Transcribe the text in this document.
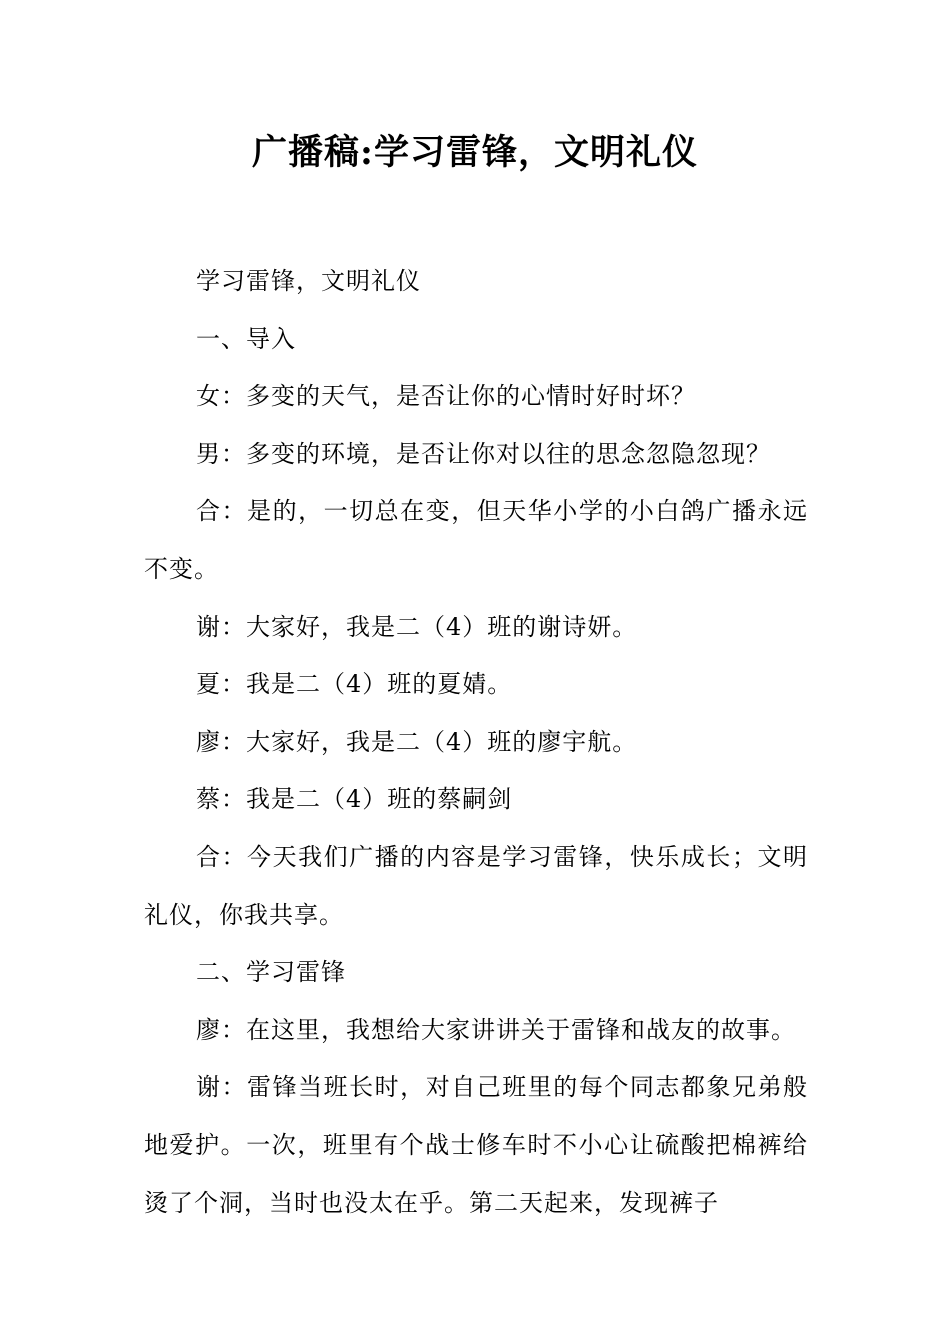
广播稿:学习雷锋，文明礼仪

学习雷锋，文明礼仪

一、导入

女：多变的天气，是否让你的心情时好时坏？

男：多变的环境，是否让你对以往的思念忽隐忽现？

合：是的，一切总在变，但天华小学的小白鸽广播永远不变。

谢：大家好，我是二（4）班的谢诗妍。

夏：我是二（4）班的夏婧。

廖：大家好，我是二（4）班的廖宇航。

蔡：我是二（4）班的蔡嗣剑

合：今天我们广播的内容是学习雷锋，快乐成长；文明礼仪，你我共享。

二、学习雷锋

廖：在这里，我想给大家讲讲关于雷锋和战友的故事。

谢：雷锋当班长时，对自己班里的每个同志都象兄弟般地爱护。一次，班里有个战士修车时不小心让硫酸把棉裤给烫了个洞，当时也没太在乎。第二天起来，发现裤子
